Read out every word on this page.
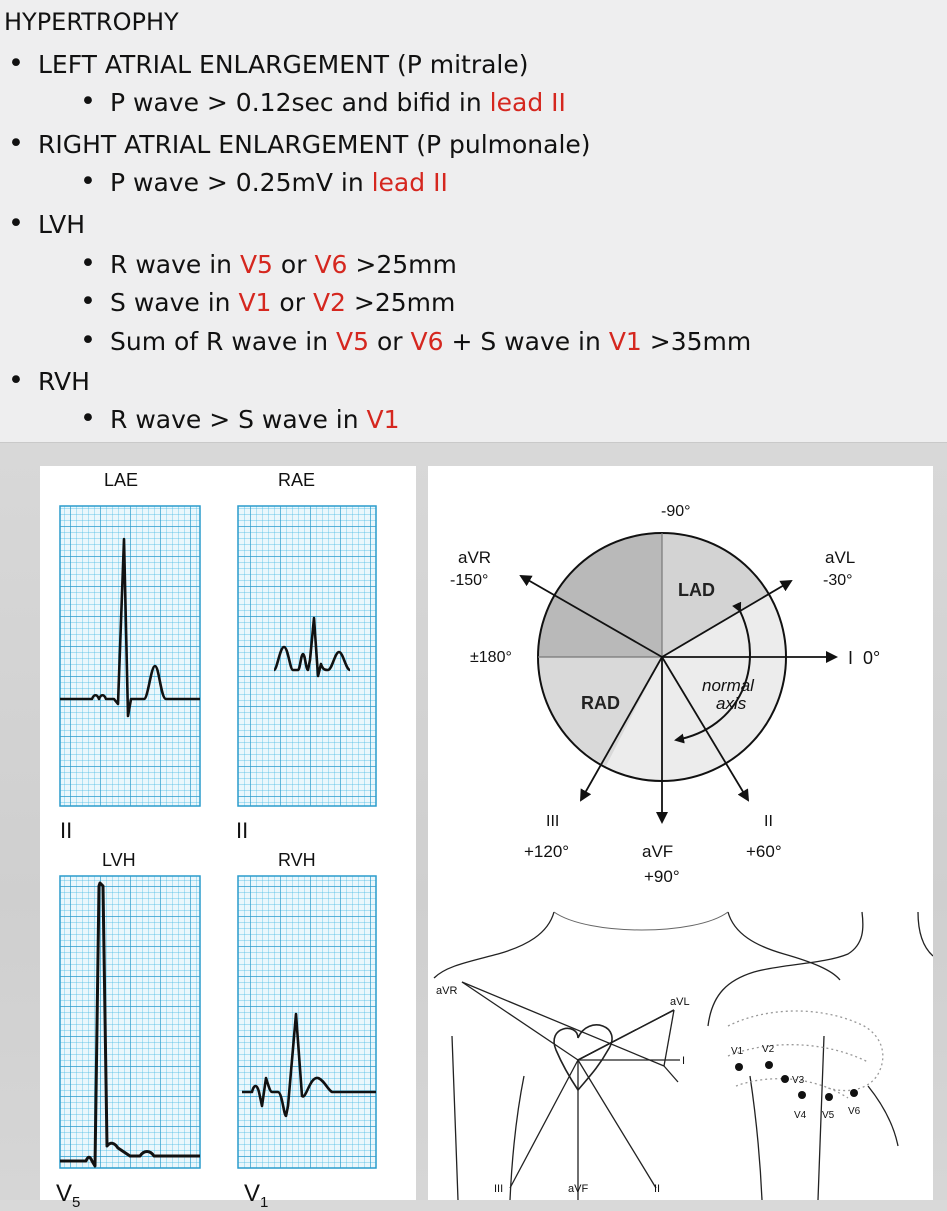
HYPERTROPHY
• LEFT ATRIAL ENLARGEMENT (P mitrale)
• P wave > 0.12sec and bifid in lead II
• RIGHT ATRIAL ENLARGEMENT (P pulmonale)
• P wave > 0.25mV in lead II
• LVH
• R wave in V5 or V6 >25mm
• S wave in V1 or V2 >25mm
• Sum of R wave in V5 or V6 + S wave in V1 >35mm
• RVH
• R wave > S wave in V1
LAE	RAE
LVH	RVH
II	II
$V_5$	$V_1$
-90°
aVR
-150°
aVL
-30°
I  0°
±180°
LAD
RAD
normal
axis
III
+120°	aVF
+90°
II
+60°
aVR
aVL
I
III	aVF	II
V1 V2
V3
V4 V5 V6
